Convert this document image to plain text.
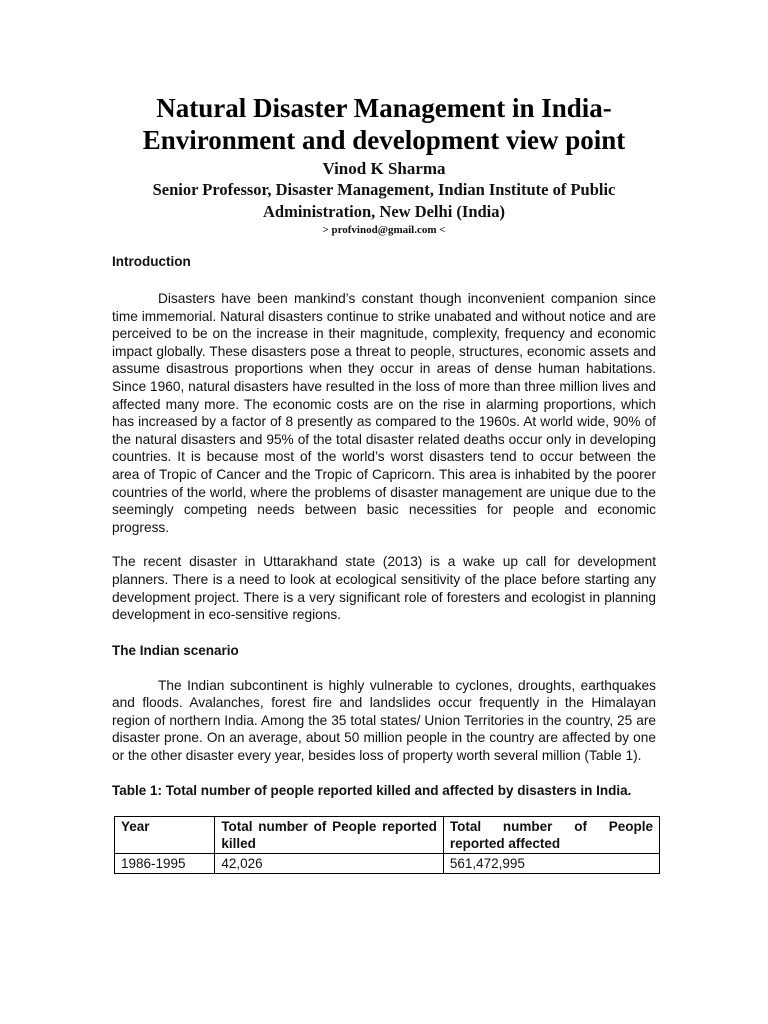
Natural Disaster Management in India-
Environment and development view point

Vinod K Sharma

Senior Professor, Disaster Management, Indian Institute of Public
Administration, New Delhi (India)

> profvinod@gmail.com <

Introduction

Disasters have been mankind’s constant though inconvenient companion since time immemorial. Natural disasters continue to strike unabated and without notice and are perceived to be on the increase in their magnitude, complexity, frequency and economic impact globally. These disasters pose a threat to people, structures, economic assets and assume disastrous proportions when they occur in areas of dense human habitations. Since 1960, natural disasters have resulted in the loss of more than three million lives and affected many more. The economic costs are on the rise in alarming proportions, which has increased by a factor of 8 presently as compared to the 1960s. At world wide, 90% of the natural disasters and 95% of the total disaster related deaths occur only in developing countries. It is because most of the world’s worst disasters tend to occur between the area of Tropic of Cancer and the Tropic of Capricorn. This area is inhabited by the poorer countries of the world, where the problems of disaster management are unique due to the seemingly competing needs between basic necessities for people and economic progress.

The recent disaster in Uttarakhand state (2013) is a wake up call for development planners. There is a need to look at ecological sensitivity of the place before starting any development project. There is a very significant role of foresters and ecologist in planning development in eco-sensitive regions.

The Indian scenario

The Indian subcontinent is highly vulnerable to cyclones, droughts, earthquakes and floods. Avalanches, forest fire and landslides occur frequently in the Himalayan region of northern India. Among the 35 total states/ Union Territories in the country, 25 are disaster prone. On an average, about 50 million people in the country are affected by one or the other disaster every year, besides loss of property worth several million (Table 1).

Table 1: Total number of people reported killed and affected by disasters in India.

Year	Total number of People reported killed	Total number of People reported affected
1986-1995	42,026	561,472,995
